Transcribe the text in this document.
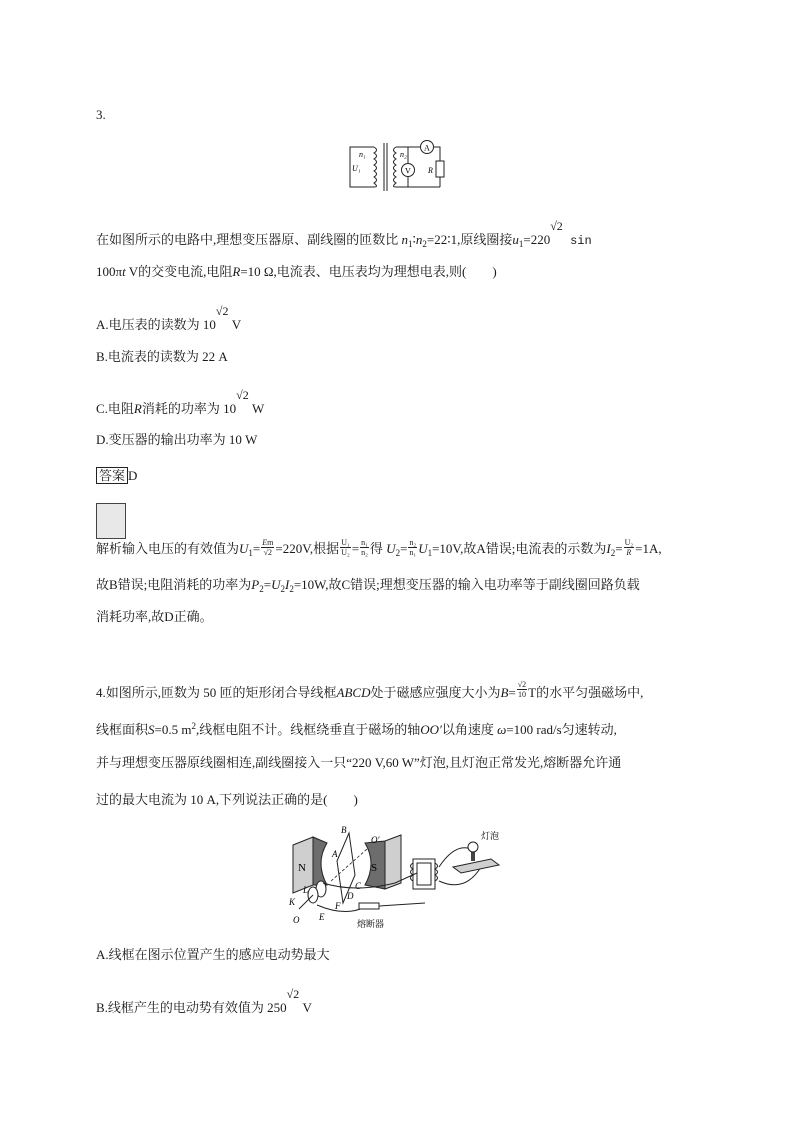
3.
U₁
n₁	n₂
V
A
R
在如图所示的电路中,理想变压器原、副线圈的匝数比 $n_1∶n_2=22∶1$,原线圈接$u_1=220√2$ sin
100πt V的交变电流,电阻R=10 Ω,电流表、电压表均为理想电表,则(　　)
A.电压表的读数为 10√2 V
B.电流表的读数为 22 A
C.电阻R消耗的功率为 10√2 W
D.变压器的输出功率为 10 W
答案 D
解析输入电压的有效值为$U_1= \frac{Em}{√2} =220V$,根据 $\frac{\text{U₁}}{\text{U₂}} = \frac{\text{n₁}}{\text{n₂}}$ 得 $U_2= \frac{\text{n₂}}{\text{n₁}} U_1=10V$,故A错误;电流表的示数为$I_2= \frac{\text{U₂}}{R} =1A$,
故B错误;电阻消耗的功率为$P_2=U_2I_2=10W$,故C错误;理想变压器的输入电功率等于副线圈回路负载
消耗功率,故D正确。
4.如图所示,匝数为 50 匝的矩形闭合导线框ABCD处于磁感应强度大小为$B= \frac{√2}{10}$ T的水平匀强磁场中,
线框面积S=0.5 $m^2$,线框电阻不计。线框绕垂直于磁场的轴OO′以角速度 ω=100 rad/s匀速转动,
并与理想变压器原线圈相连,副线圈接入一只“220 V,60 W”灯泡,且灯泡正常发光,熔断器允许通
过的最大电流为 10 A,下列说法正确的是(　　)
N	S
B
O′
A
C
D
F
K
L
O E
熔断器
灯泡
A.线框在图示位置产生的感应电动势最大
B.线框产生的电动势有效值为 250√2 V
